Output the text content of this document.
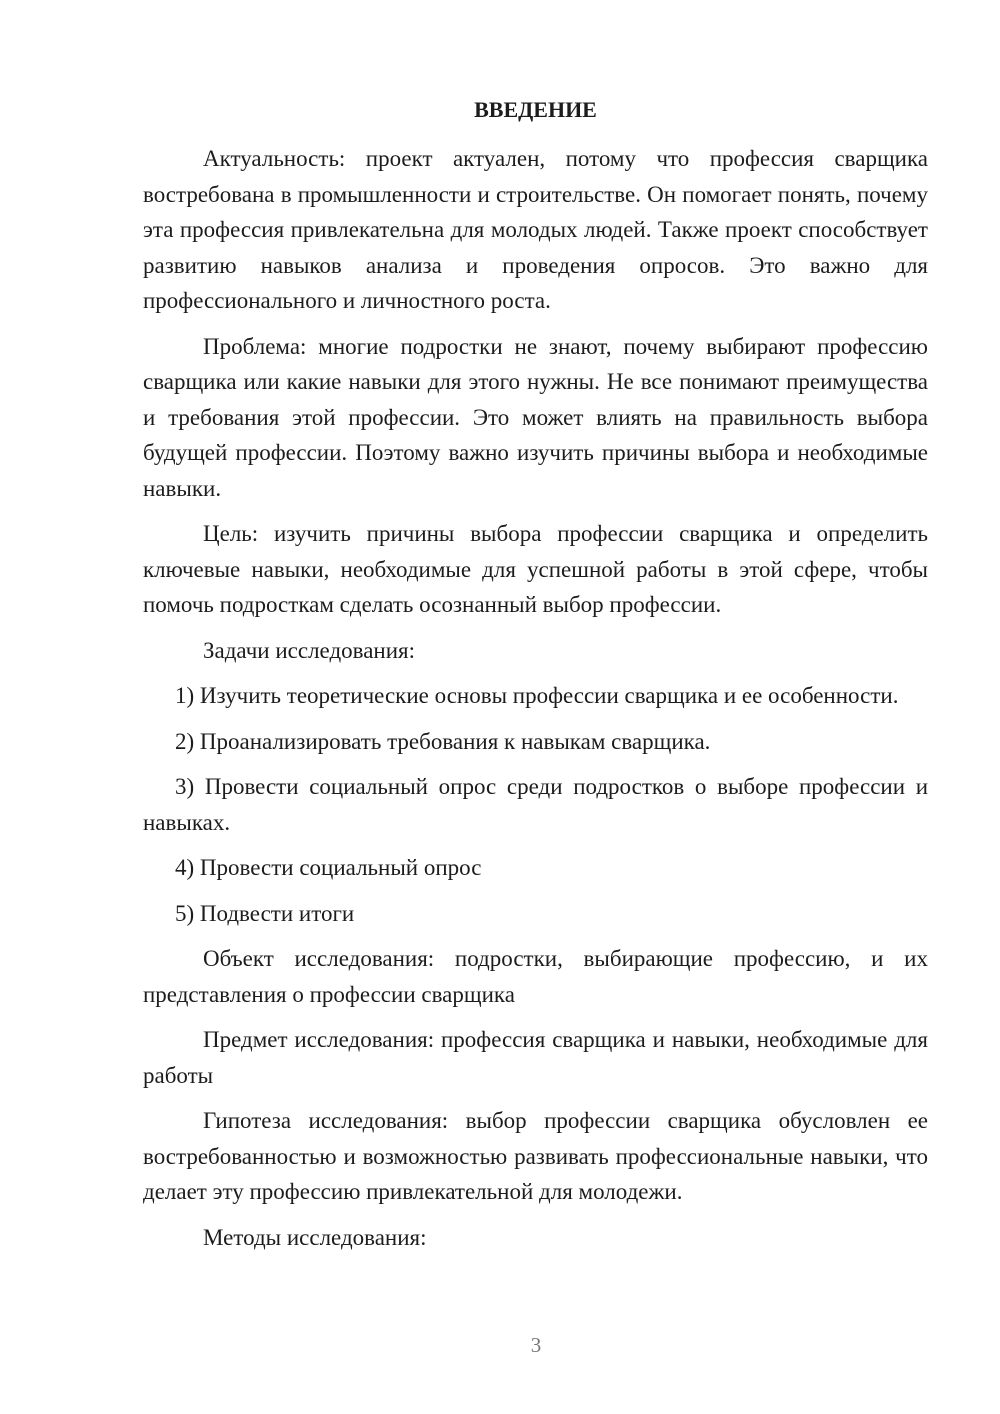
ВВЕДЕНИЕ

Актуальность: проект актуален, потому что профессия сварщика востребована в промышленности и строительстве. Он помогает понять, почему эта профессия привлекательна для молодых людей. Также проект способствует развитию навыков анализа и проведения опросов. Это важно для профессионального и личностного роста.

Проблема: многие подростки не знают, почему выбирают профессию сварщика или какие навыки для этого нужны. Не все понимают преимущества и требования этой профессии. Это может влиять на правильность выбора будущей профессии. Поэтому важно изучить причины выбора и необходимые навыки.

Цель: изучить причины выбора профессии сварщика и определить ключевые навыки, необходимые для успешной работы в этой сфере, чтобы помочь подросткам сделать осознанный выбор профессии.

Задачи исследования:

1) Изучить теоретические основы профессии сварщика и ее особенности.

2) Проанализировать требования к навыкам сварщика.

3) Провести социальный опрос среди подростков о выборе профессии и навыках.

4) Провести социальный опрос

5) Подвести итоги

Объект исследования: подростки, выбирающие профессию, и их представления о профессии сварщика

Предмет исследования: профессия сварщика и навыки, необходимые для работы

Гипотеза исследования: выбор профессии сварщика обусловлен ее востребованностью и возможностью развивать профессиональные навыки, что делает эту профессию привлекательной для молодежи.

Методы исследования:

3
